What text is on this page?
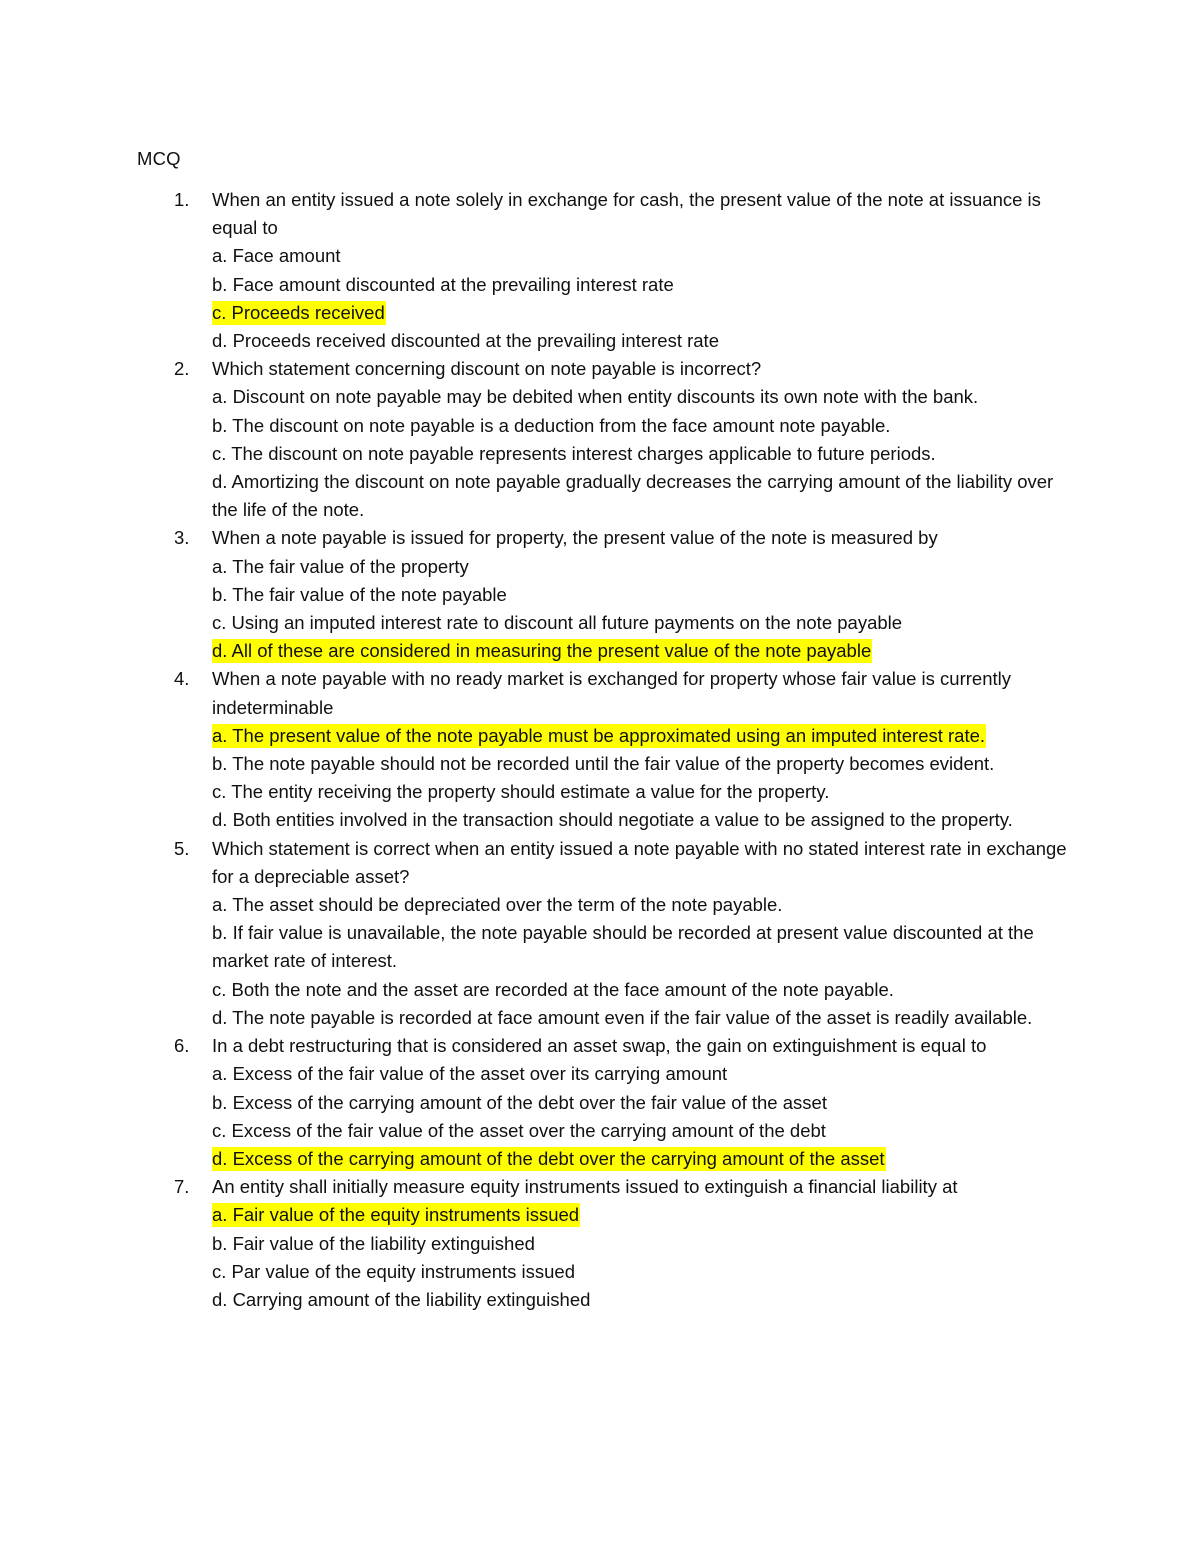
MCQ
1. When an entity issued a note solely in exchange for cash, the present value of the note at issuance is equal to
a. Face amount
b. Face amount discounted at the prevailing interest rate
c. Proceeds received
d. Proceeds received discounted at the prevailing interest rate
2. Which statement concerning discount on note payable is incorrect?
a. Discount on note payable may be debited when entity discounts its own note with the bank.
b. The discount on note payable is a deduction from the face amount note payable.
c. The discount on note payable represents interest charges applicable to future periods.
d. Amortizing the discount on note payable gradually decreases the carrying amount of the liability over the life of the note.
3. When a note payable is issued for property, the present value of the note is measured by
a. The fair value of the property
b. The fair value of the note payable
c. Using an imputed interest rate to discount all future payments on the note payable
d. All of these are considered in measuring the present value of the note payable
4. When a note payable with no ready market is exchanged for property whose fair value is currently indeterminable
a. The present value of the note payable must be approximated using an imputed interest rate.
b. The note payable should not be recorded until the fair value of the property becomes evident.
c. The entity receiving the property should estimate a value for the property.
d. Both entities involved in the transaction should negotiate a value to be assigned to the property.
5. Which statement is correct when an entity issued a note payable with no stated interest rate in exchange for a depreciable asset?
a. The asset should be depreciated over the term of the note payable.
b. If fair value is unavailable, the note payable should be recorded at present value discounted at the market rate of interest.
c. Both the note and the asset are recorded at the face amount of the note payable.
d. The note payable is recorded at face amount even if the fair value of the asset is readily available.
6. In a debt restructuring that is considered an asset swap, the gain on extinguishment is equal to
a. Excess of the fair value of the asset over its carrying amount
b. Excess of the carrying amount of the debt over the fair value of the asset
c. Excess of the fair value of the asset over the carrying amount of the debt
d. Excess of the carrying amount of the debt over the carrying amount of the asset
7. An entity shall initially measure equity instruments issued to extinguish a financial liability at
a. Fair value of the equity instruments issued
b. Fair value of the liability extinguished
c. Par value of the equity instruments issued
d. Carrying amount of the liability extinguished
